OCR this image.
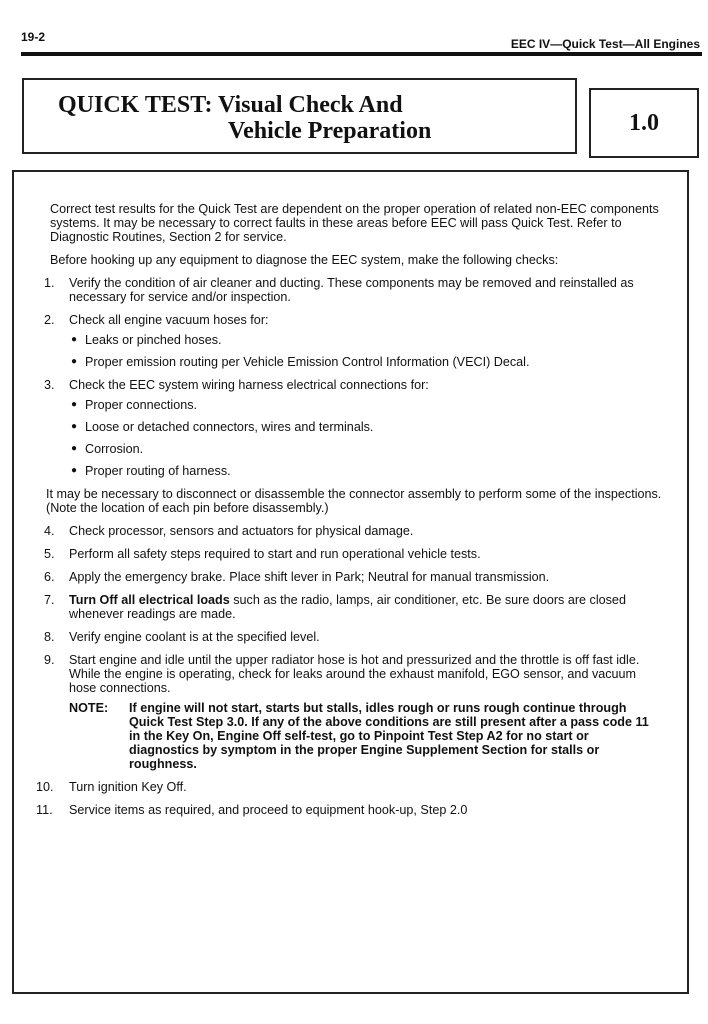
19-2	EEC IV—Quick Test—All Engines
QUICK TEST: Visual Check And
Vehicle Preparation	1.0

Correct test results for the Quick Test are dependent on the proper operation of related non-EEC components systems. It may be necessary to correct faults in these areas before EEC will pass Quick Test. Refer to Diagnostic Routines, Section 2 for service.

Before hooking up any equipment to diagnose the EEC system, make the following checks:

1. Verify the condition of air cleaner and ducting. These components may be removed and reinstalled as necessary for service and/or inspection.
2. Check all engine vacuum hoses for:
● Leaks or pinched hoses.
● Proper emission routing per Vehicle Emission Control Information (VECI) Decal.
3. Check the EEC system wiring harness electrical connections for:
● Proper connections.
● Loose or detached connectors, wires and terminals.
● Corrosion.
● Proper routing of harness.

It may be necessary to disconnect or disassemble the connector assembly to perform some of the inspections. (Note the location of each pin before disassembly.)

4. Check processor, sensors and actuators for physical damage.
5. Perform all safety steps required to start and run operational vehicle tests.
6. Apply the emergency brake. Place shift lever in Park; Neutral for manual transmission.
7. Turn Off all electrical loads such as the radio, lamps, air conditioner, etc. Be sure doors are closed whenever readings are made.
8. Verify engine coolant is at the specified level.
9. Start engine and idle until the upper radiator hose is hot and pressurized and the throttle is off fast idle. While the engine is operating, check for leaks around the exhaust manifold, EGO sensor, and vacuum hose connections.
NOTE: If engine will not start, starts but stalls, idles rough or runs rough continue through Quick Test Step 3.0. If any of the above conditions are still present after a pass code 11 in the Key On, Engine Off self-test, go to Pinpoint Test Step A2 for no start or diagnostics by symptom in the proper Engine Supplement Section for stalls or roughness.
10. Turn ignition Key Off.
11. Service items as required, and proceed to equipment hook-up, Step 2.0
